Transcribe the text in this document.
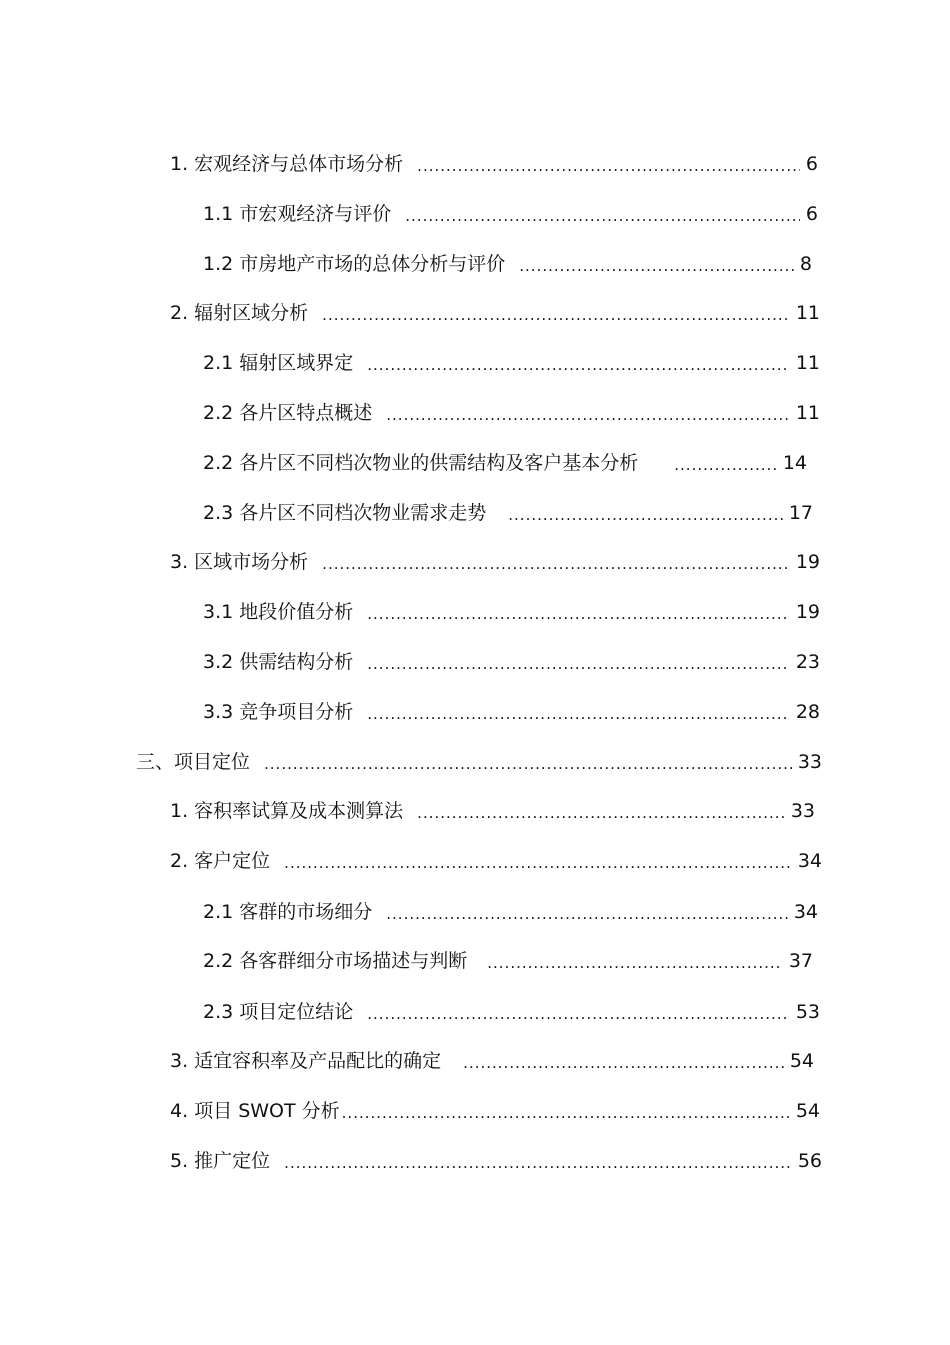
1. 宏观经济与总体市场分析 .....	6
1.1 市宏观经济与评价 .....	6
1.2 市房地产市场的总体分析与评价 .....	8
2. 辐射区域分析 .....	11
2.1 辐射区域界定 .....	11
2.2 各片区特点概述 .....	11
2.2 各片区不同档次物业的供需结构及客户基本分析 .....	14
2.3 各片区不同档次物业需求走势 .....	17
3. 区域市场分析 .....	19
3.1 地段价值分析 .....	19
3.2 供需结构分析 .....	23
3.3 竞争项目分析 .....	28
三、项目定位 .....	33
1. 容积率试算及成本测算法 .....	33
2. 客户定位 .....	34
2.1 客群的市场细分 .....	34
2.2 各客群细分市场描述与判断 .....	37
2.3 项目定位结论 .....	53
3. 适宜容积率及产品配比的确定 .....	54
4. 项目 SWOT 分析 .....	54
5. 推广定位 .....	56
